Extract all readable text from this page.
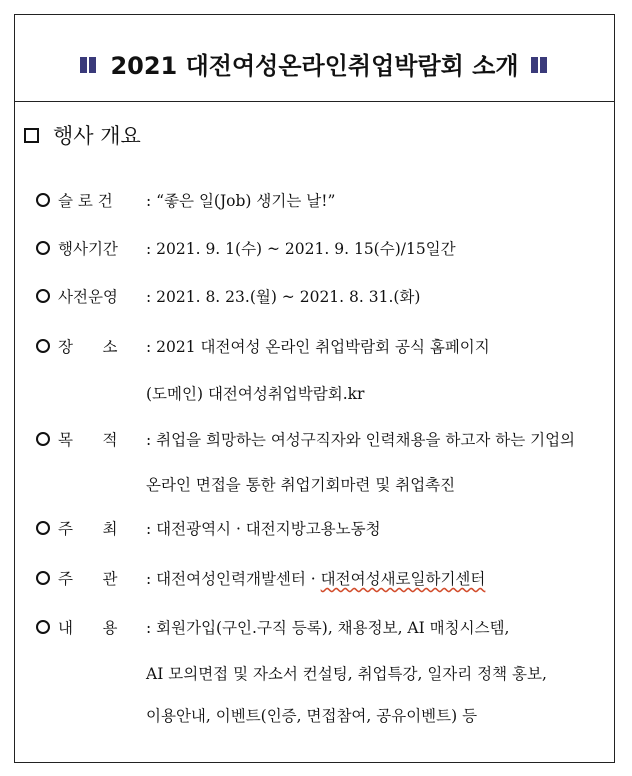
2021 대전여성온라인취업박람회 소개
행사 개요
슬 로 건 : “좋은 일(Job) 생기는 날!”
행사기간 : 2021. 9. 1(수) ~ 2021. 9. 15(수)/15일간
사전운영 : 2021. 8. 23.(월) ~ 2021. 8. 31.(화)
장      소 : 2021 대전여성 온라인 취업박람회 공식 홈페이지
(도메인) 대전여성취업박람회.kr
목      적 : 취업을 희망하는 여성구직자와 인력채용을 하고자 하는 기업의
온라인 면접을 통한 취업기회마련 및 취업촉진
주      최 : 대전광역시 · 대전지방고용노동청
주      관 : 대전여성인력개발센터 · 대전여성새로일하기센터
내      용 : 회원가입(구인.구직 등록), 채용정보, AI 매칭시스템,
AI 모의면접 및 자소서 컨설팅, 취업특강, 일자리 정책 홍보,
이용안내, 이벤트(인증, 면접참여, 공유이벤트) 등
